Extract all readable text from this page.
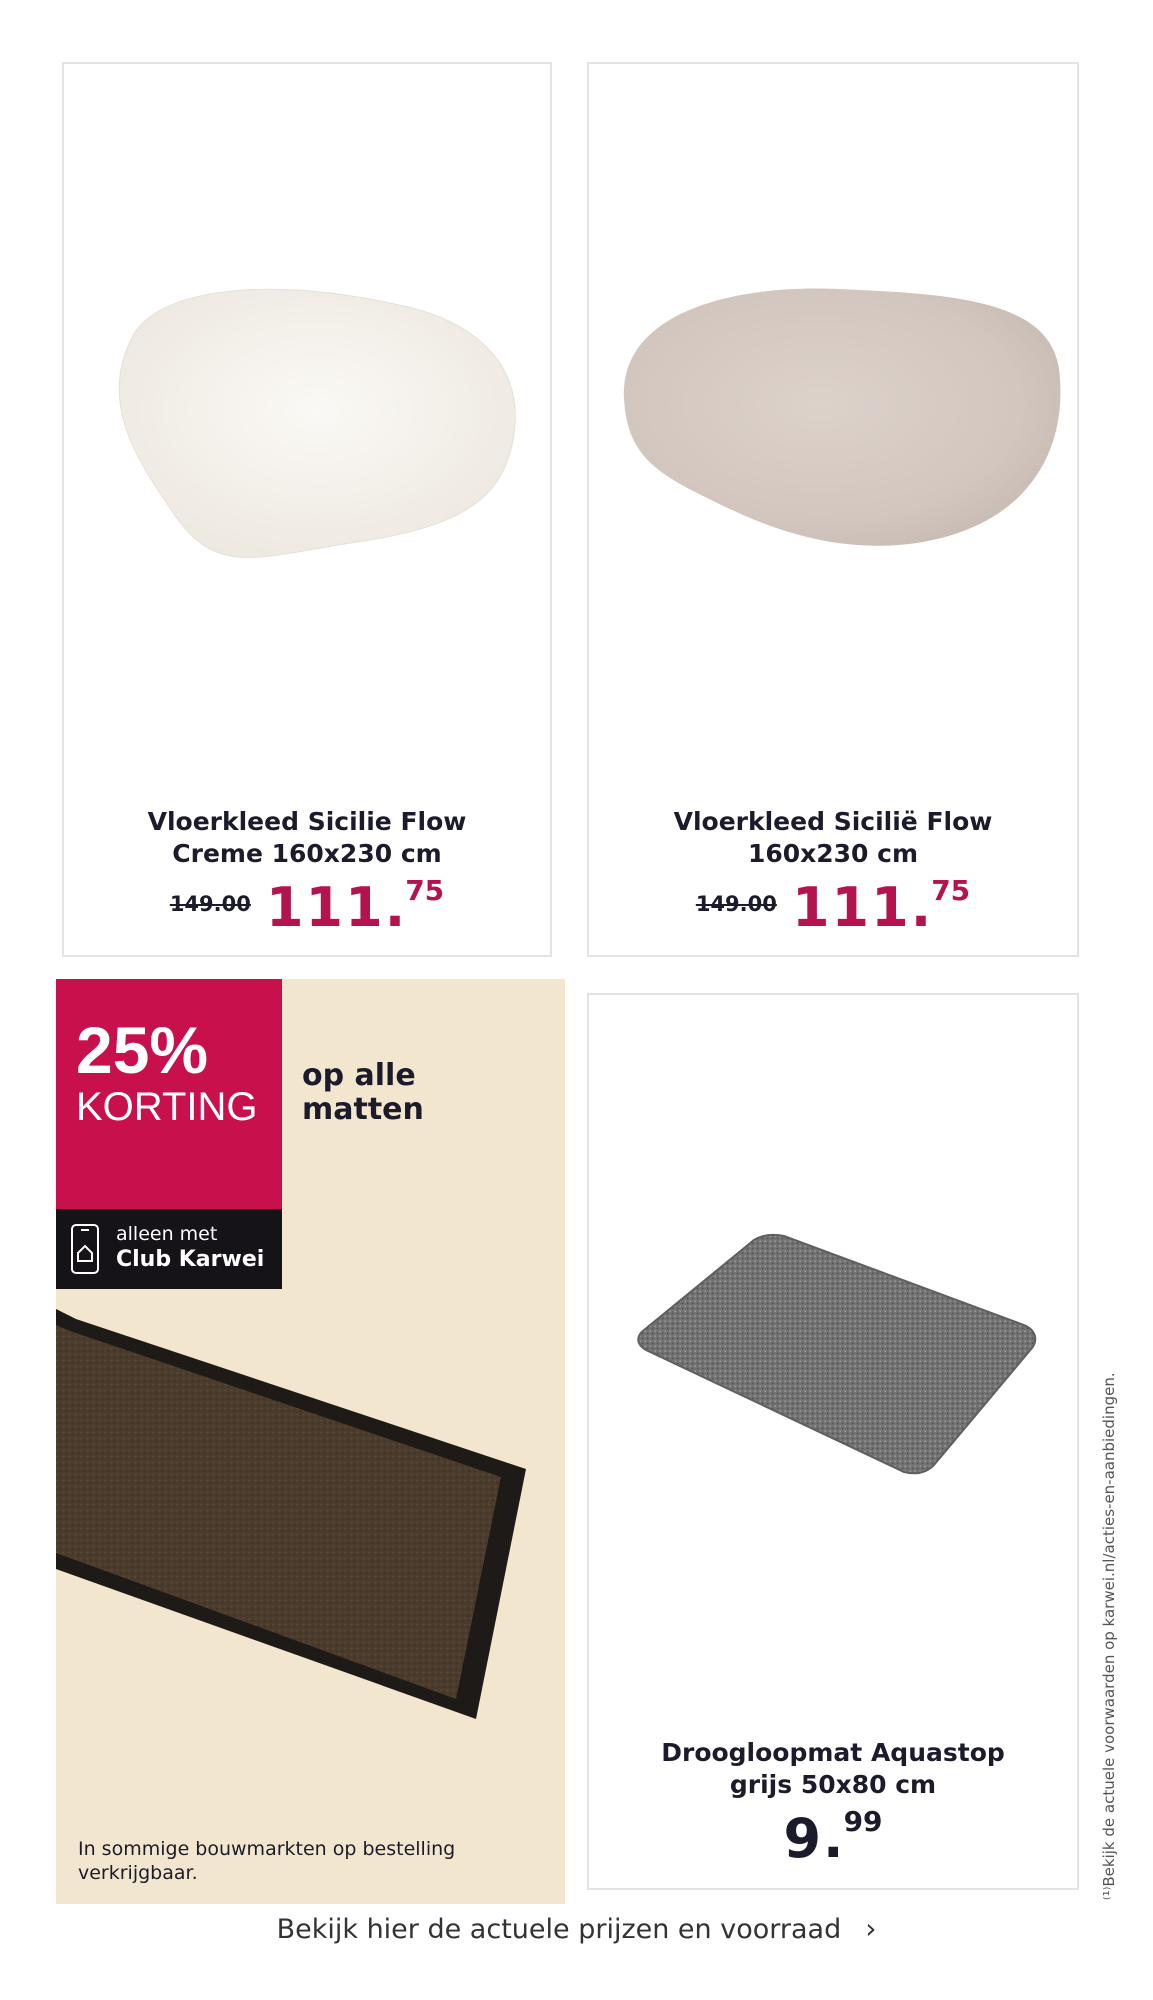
Vloerkleed Sicilie Flow Creme 160x230 cm
149.00 111.75
Vloerkleed Sicilië Flow 160x230 cm
149.00 111.75
25%
KORTING
alleen met
Club Karwei
op alle
matten
In sommige bouwmarkten op bestelling verkrijgbaar.
Droogloopmat Aquastop grijs 50x80 cm
9.99	⁽¹⁾Bekijk de actuele voorwaarden op karwei.nl/acties-en-aanbiedingen.
Bekijk hier de actuele prijzen en voorraad ›
